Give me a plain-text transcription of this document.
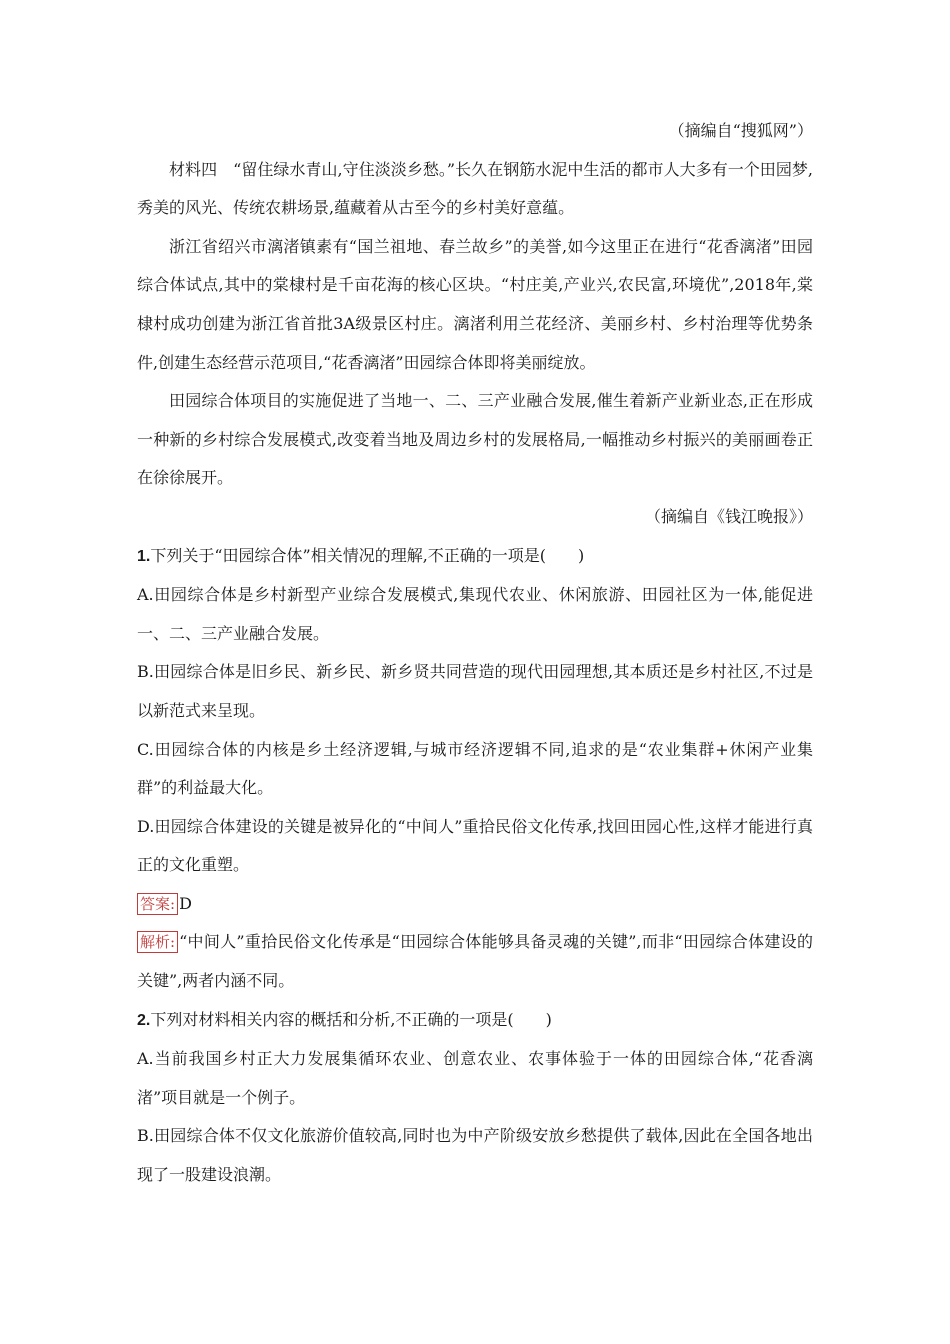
（摘编自“搜狐网”）

材料四　“留住绿水青山,守住淡淡乡愁。”长久在钢筋水泥中生活的都市人大多有一个田园梦,秀美的风光、传统农耕场景,蕴藏着从古至今的乡村美好意蕴。

浙江省绍兴市漓渚镇素有“国兰祖地、春兰故乡”的美誉,如今这里正在进行“花香漓渚”田园综合体试点,其中的棠棣村是千亩花海的核心区块。“村庄美,产业兴,农民富,环境优”,2018年,棠棣村成功创建为浙江省首批3A级景区村庄。漓渚利用兰花经济、美丽乡村、乡村治理等优势条件,创建生态经营示范项目,“花香漓渚”田园综合体即将美丽绽放。

田园综合体项目的实施促进了当地一、二、三产业融合发展,催生着新产业新业态,正在形成一种新的乡村综合发展模式,改变着当地及周边乡村的发展格局,一幅推动乡村振兴的美丽画卷正在徐徐展开。

（摘编自《钱江晚报》）

1.下列关于“田园综合体”相关情况的理解,不正确的一项是(　　)

A.田园综合体是乡村新型产业综合发展模式,集现代农业、休闲旅游、田园社区为一体,能促进一、二、三产业融合发展。

B.田园综合体是旧乡民、新乡民、新乡贤共同营造的现代田园理想,其本质还是乡村社区,不过是以新范式来呈现。

C.田园综合体的内核是乡土经济逻辑,与城市经济逻辑不同,追求的是“农业集群+休闲产业集群”的利益最大化。

D.田园综合体建设的关键是被异化的“中间人”重拾民俗文化传承,找回田园心性,这样才能进行真正的文化重塑。

答案: D

解析: “中间人”重拾民俗文化传承是“田园综合体能够具备灵魂的关键”,而非“田园综合体建设的关键”,两者内涵不同。

2.下列对材料相关内容的概括和分析,不正确的一项是(　　)

A.当前我国乡村正大力发展集循环农业、创意农业、农事体验于一体的田园综合体,“花香漓渚”项目就是一个例子。

B.田园综合体不仅文化旅游价值较高,同时也为中产阶级安放乡愁提供了载体,因此在全国各地出现了一股建设浪潮。
